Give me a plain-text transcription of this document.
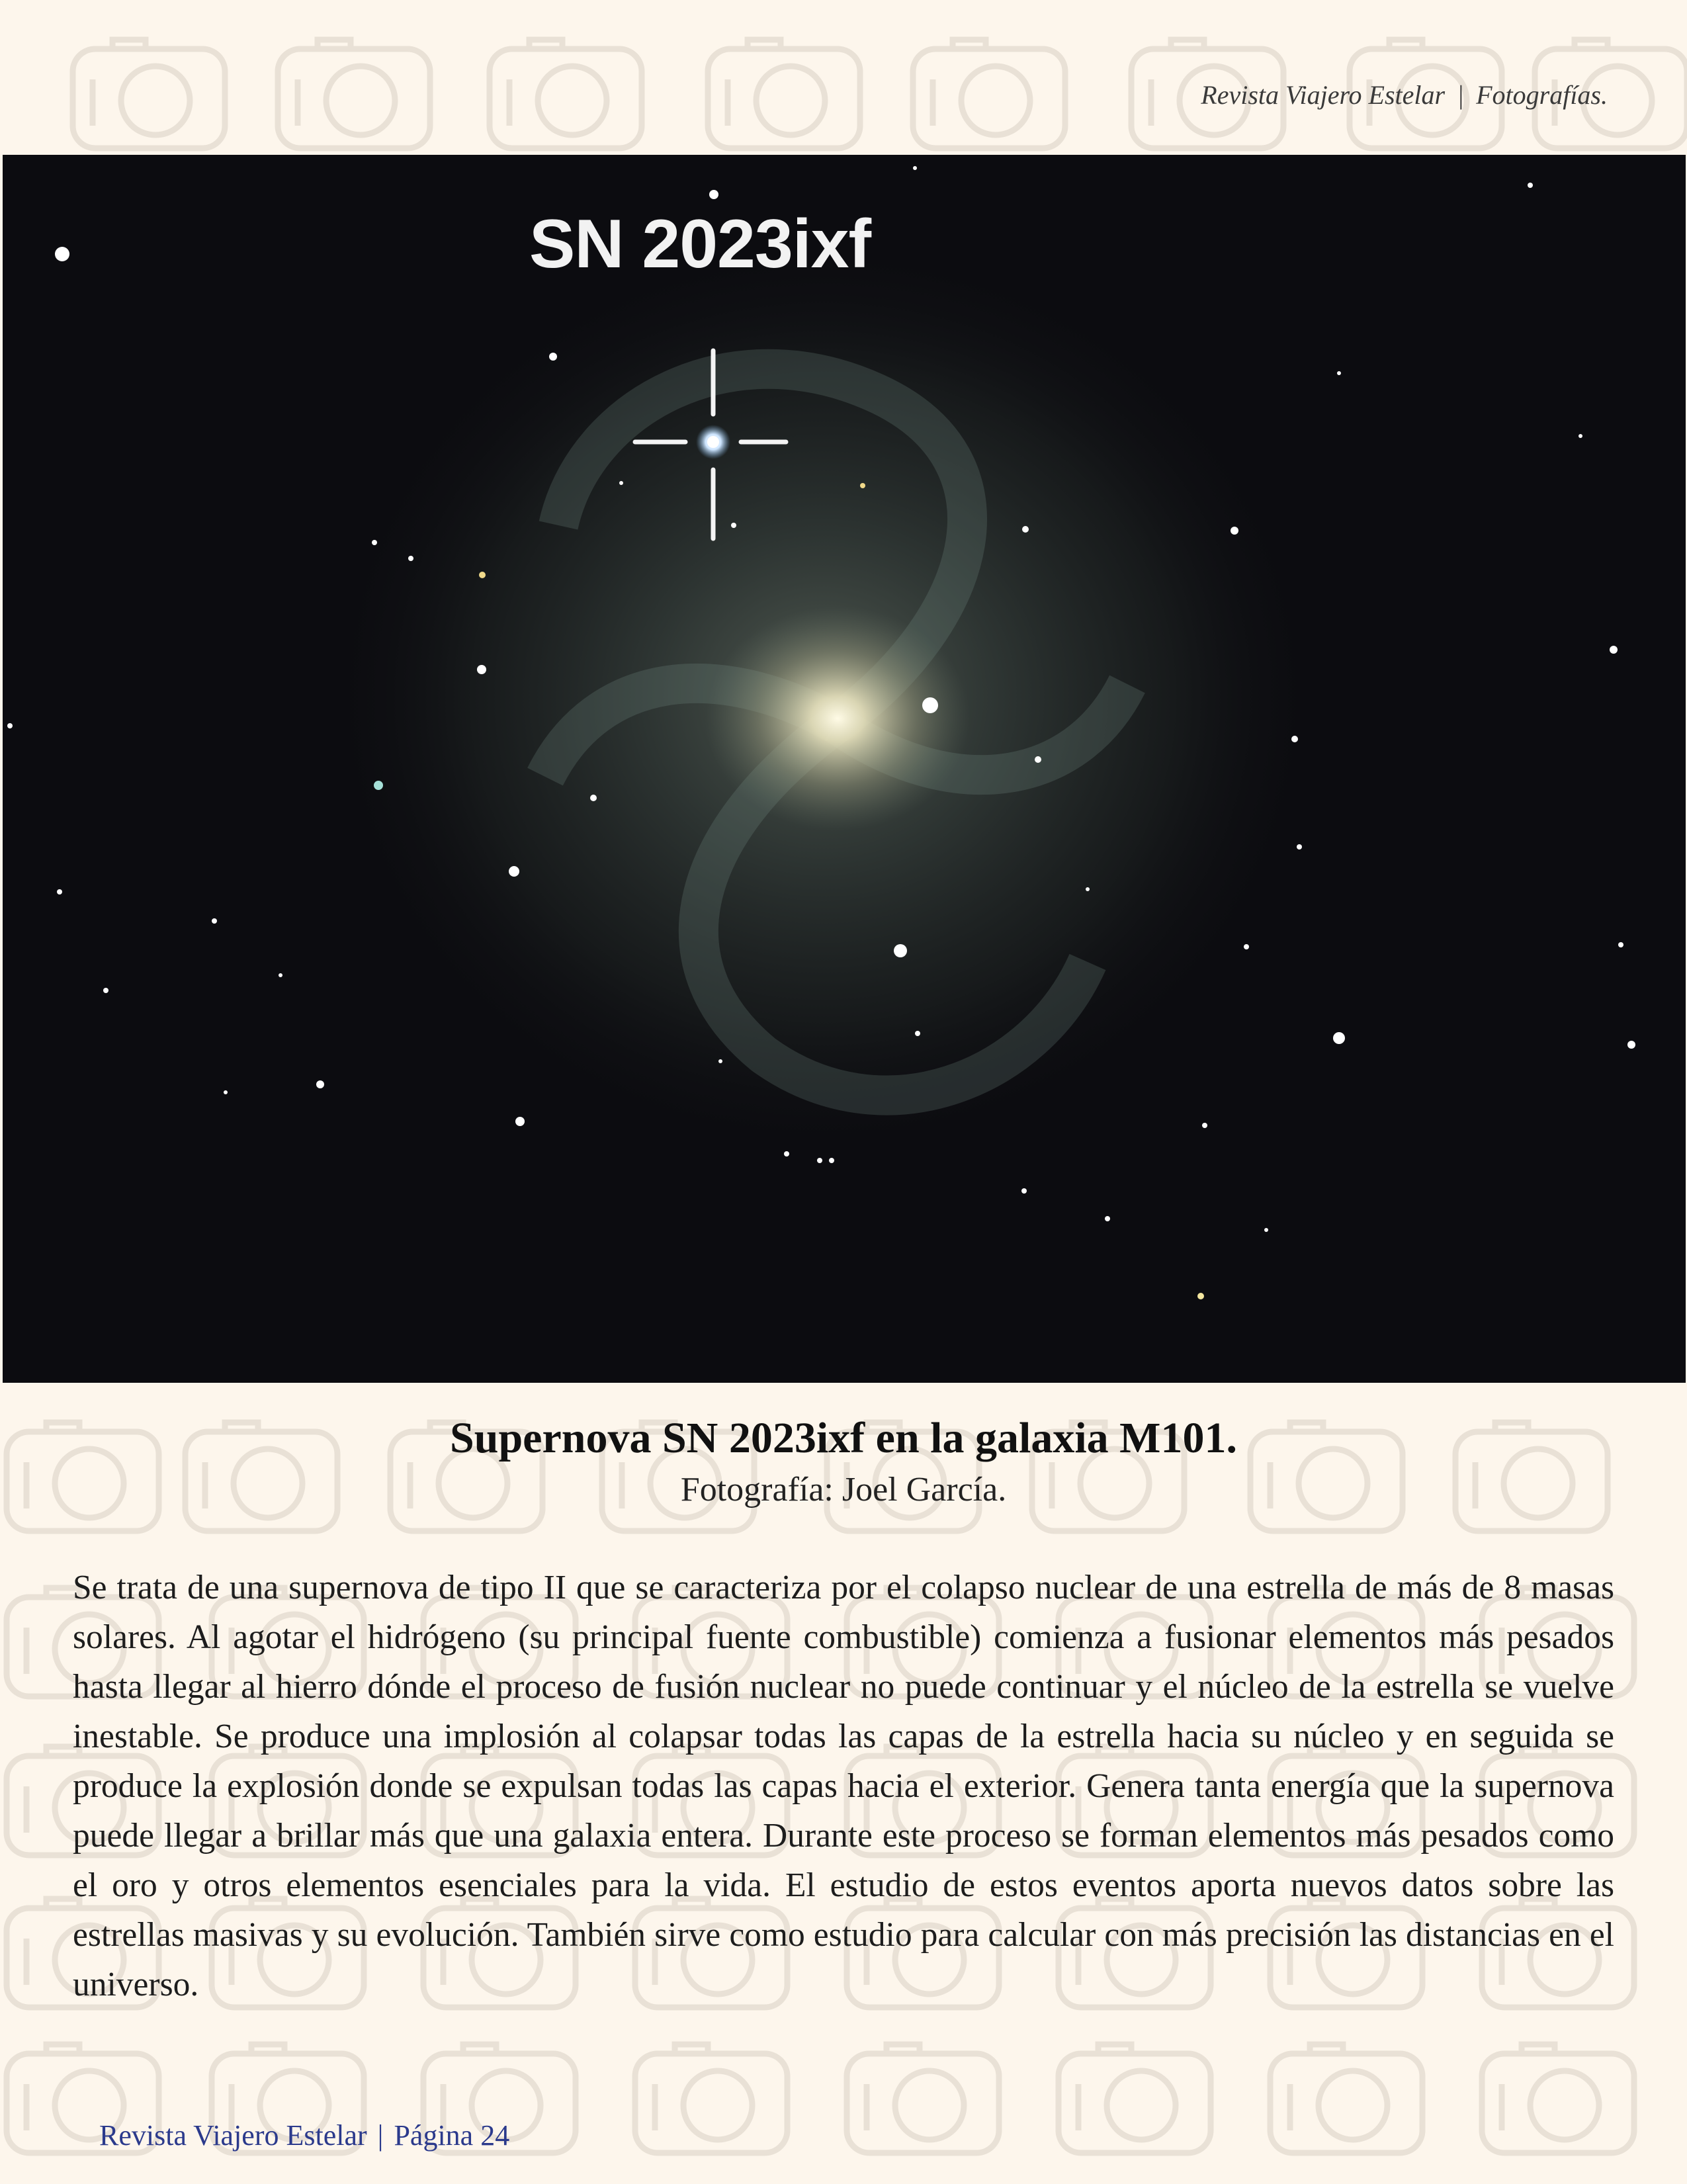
Revista Viajero Estelar | Fotografías.
SN 2023ixf
Supernova SN 2023ixf en la galaxia M101.
Fotografía: Joel García.
Se trata de una supernova de tipo II que se caracteriza por el colapso nuclear de una estrella de más de 8 masas solares. Al agotar el hidrógeno (su principal fuente combustible) comienza a fusionar elementos más pesados hasta llegar al hierro dónde el proceso de fusión nuclear no puede continuar y el núcleo de la estrella se vuelve inestable. Se produce una implosión al colapsar todas las capas de la estrella hacia su núcleo y en seguida se produce la explosión donde se expulsan todas las capas hacia el exterior. Genera tanta energía que la supernova puede llegar a brillar más que una galaxia entera. Durante este proceso se forman elementos más pesados como el oro y otros elementos esenciales para la vida. El estudio de estos eventos aporta nuevos datos sobre las estrellas masivas y su evolución. También sirve como estudio para calcular con más precisión las distancias en el universo.
Revista Viajero Estelar | Página 24
